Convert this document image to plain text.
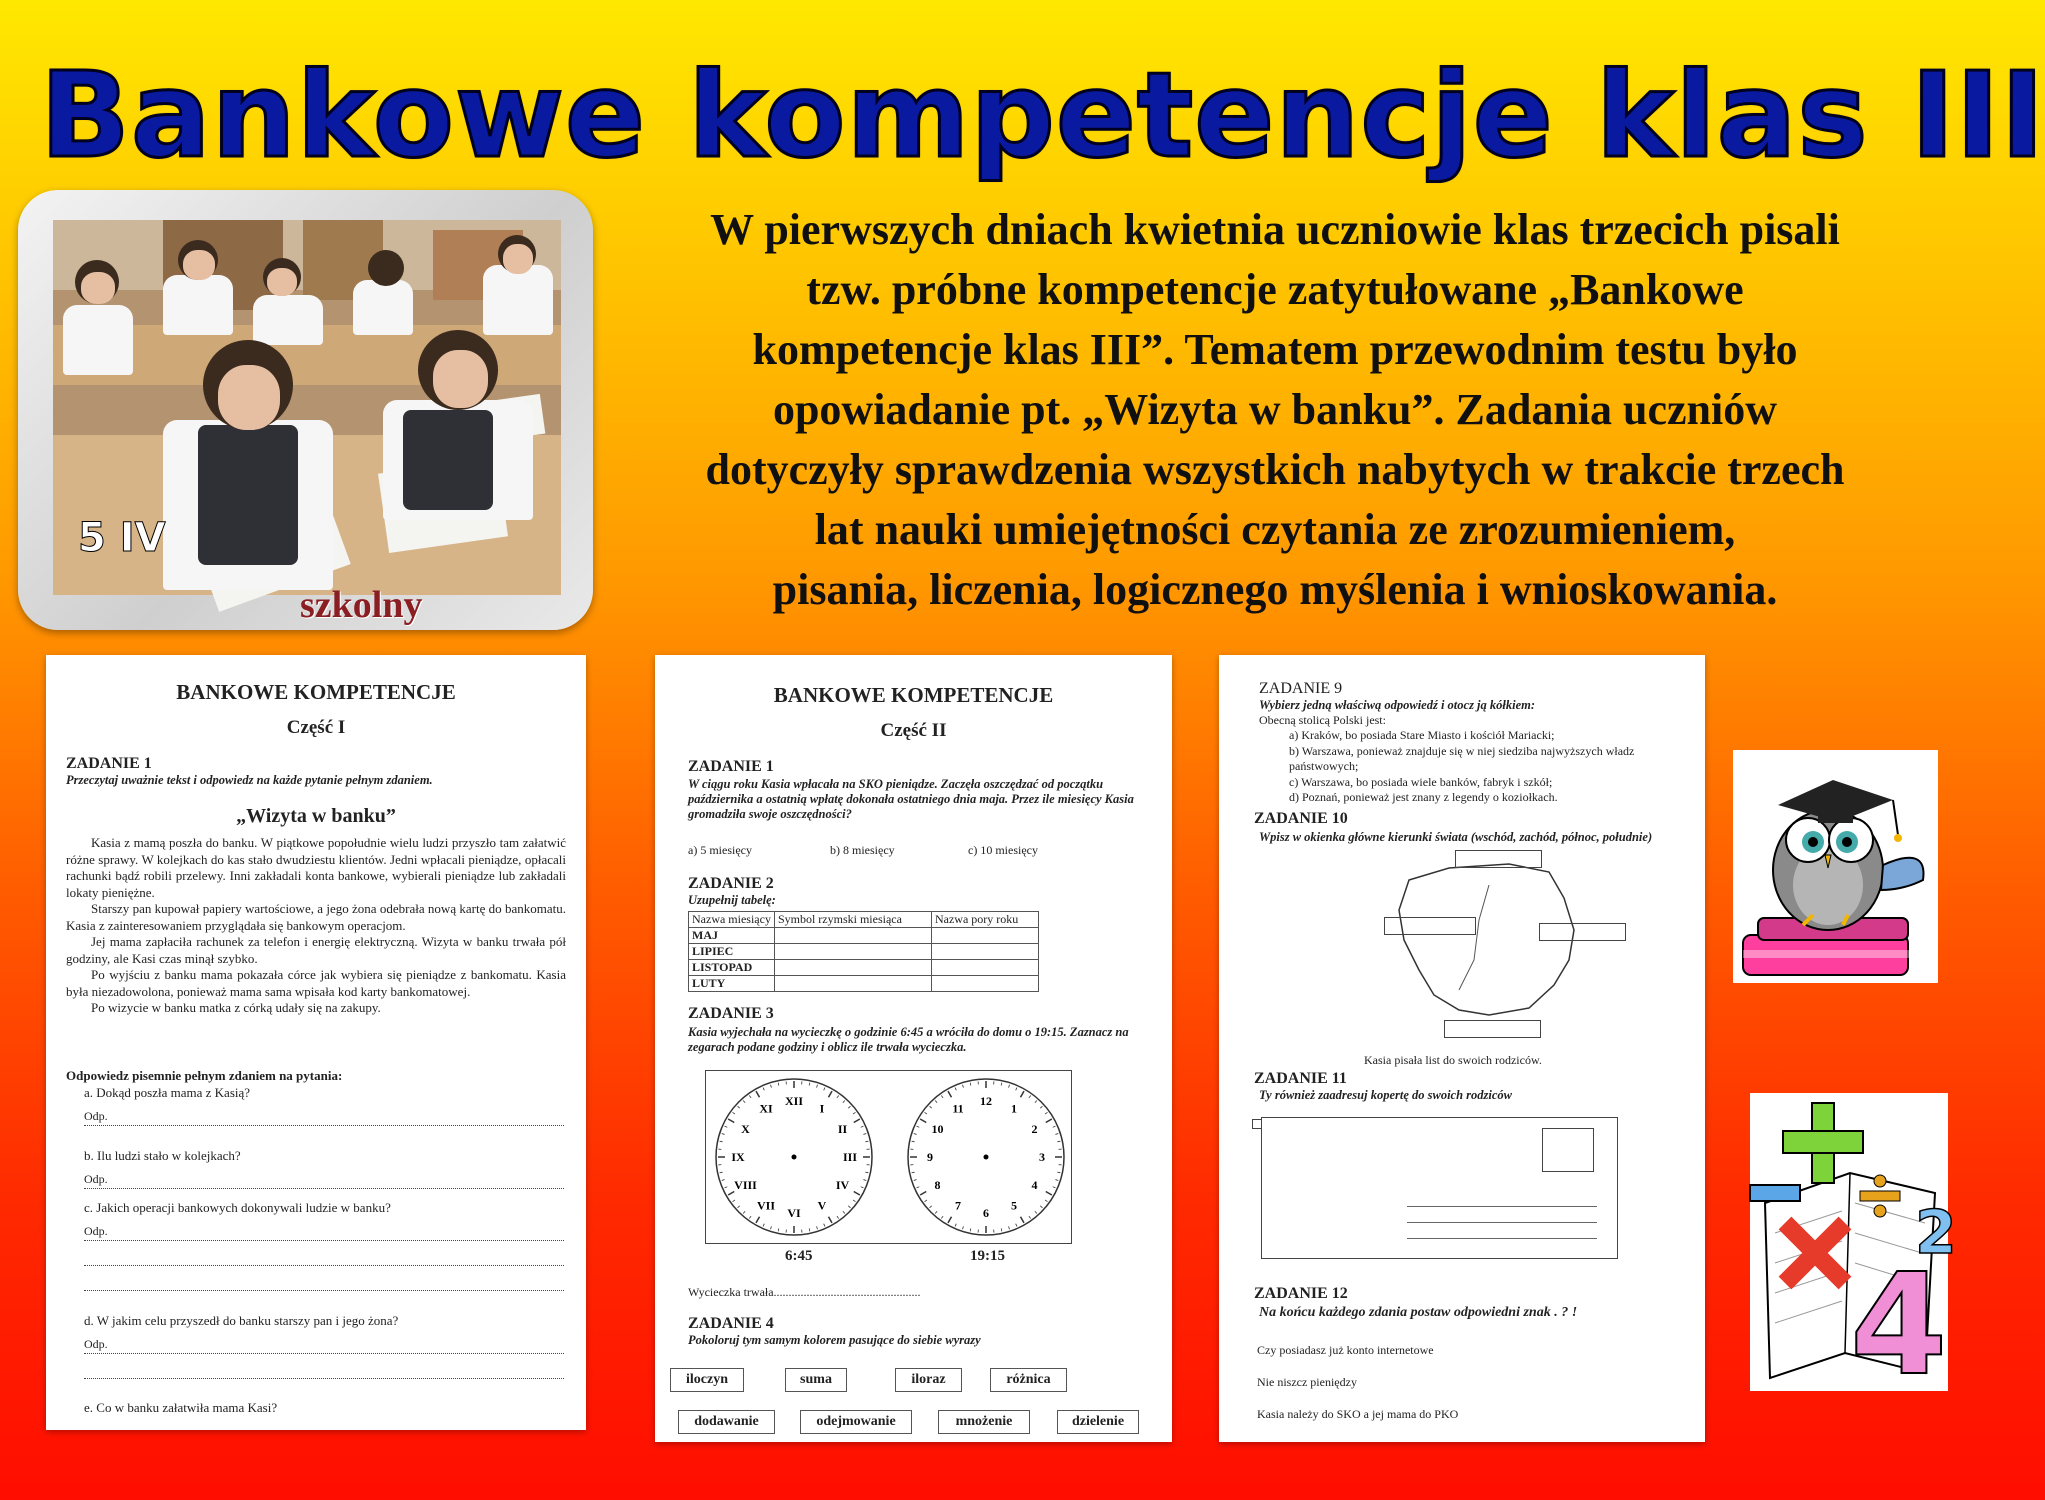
Bankowe kompetencje klas III
5 IV
szkolny
W pierwszych dniach kwietnia uczniowie klas trzecich pisali
tzw. próbne kompetencje zatytułowane „Bankowe
kompetencje klas III”. Tematem przewodnim testu było
opowiadanie pt. „Wizyta w banku”. Zadania uczniów
dotyczyły sprawdzenia wszystkich nabytych w trakcie trzech
lat nauki umiejętności czytania ze zrozumieniem,
pisania, liczenia, logicznego myślenia i wnioskowania.
BANKOWE KOMPETENCJE
Część I
ZADANIE 1
Przeczytaj uważnie tekst i odpowiedz na każde pytanie pełnym zdaniem.
„Wizyta w banku”
Kasia z mamą poszła do banku. W piątkowe popołudnie wielu ludzi przyszło tam załatwić różne sprawy. W kolejkach do kas stało dwudziestu klientów. Jedni wpłacali pieniądze, opłacali rachunki bądź robili przelewy. Inni zakładali konta bankowe, wybierali pieniądze lub zakładali lokaty pieniężne.
Starszy pan kupował papiery wartościowe, a jego żona odebrała nową kartę do bankomatu. Kasia z zainteresowaniem przyglądała się bankowym operacjom.
Jej mama zapłaciła rachunek za telefon i energię elektryczną. Wizyta w banku trwała pół godziny, ale Kasi czas minął szybko.
Po wyjściu z banku mama pokazała córce jak wybiera się pieniądze z bankomatu. Kasia była niezadowolona, ponieważ mama sama wpisała kod karty bankomatowej.
Po wizycie w banku matka z córką udały się na zakupy.
Odpowiedz pisemnie pełnym zdaniem na pytania:
a. Dokąd poszła mama z Kasią?
Odp.
b. Ilu ludzi stało w kolejkach?
Odp.
c. Jakich operacji bankowych dokonywali ludzie w banku?
Odp.
d. W jakim celu przyszedł do banku starszy pan i jego żona?
Odp.
e. Co w banku załatwiła mama Kasi?
BANKOWE KOMPETENCJE
Część II
ZADANIE 1
W ciągu roku Kasia wpłacała na SKO pieniądze. Zaczęła oszczędzać od początku października a ostatnią wpłatę dokonała ostatniego dnia maja. Przez ile miesięcy Kasia gromadziła swoje oszczędności?
a) 5 miesięcy	b) 8 miesięcy	c) 10 miesięcy
ZADANIE 2
Uzupełnij tabelę:
Nazwa miesiący	Symbol rzymski miesiąca	Nazwa pory roku
MAJ		
LIPIEC		
LISTOPAD		
LUTY		
ZADANIE 3
Kasia wyjechała na wycieczkę o godzinie 6:45 a wróciła do domu o 19:15. Zaznacz na zegarach podane godziny i oblicz ile trwała wycieczka.
XII
I
II
III
IV
V
VI
VII
VIII
IX
X
XI
12
1
2
3
4
5
6
7
8
9
10
11
6:45	19:15
Wycieczka trwała.................................................
ZADANIE 4
Pokoloruj tym samym kolorem pasujące do siebie wyrazy
iloczyn	suma	iloraz	różnica
dodawanie	odejmowanie	mnożenie	dzielenie
ZADANIE 9
Wybierz jedną właściwą odpowiedź i otocz ją kółkiem:
Obecną stolicą Polski jest:
a) Kraków, bo posiada Stare Miasto i kościół Mariacki;
b) Warszawa, ponieważ znajduje się w niej siedziba najwyższych władz państwowych;
c) Warszawa, bo posiada wiele banków, fabryk i szkół;
d) Poznań, ponieważ jest znany z legendy o koziołkach.
ZADANIE 10
Wpisz w okienka główne kierunki świata (wschód, zachód, północ, południe)
Kasia pisała list do swoich rodziców.
ZADANIE 11
Ty również zaadresuj kopertę do swoich rodziców
ZADANIE 12
Na końcu każdego zdania postaw odpowiedni znak . ? !
Czy posiadasz już konto internetowe
Nie niszcz pieniędzy
Kasia należy do SKO a jej mama do PKO
4
2
